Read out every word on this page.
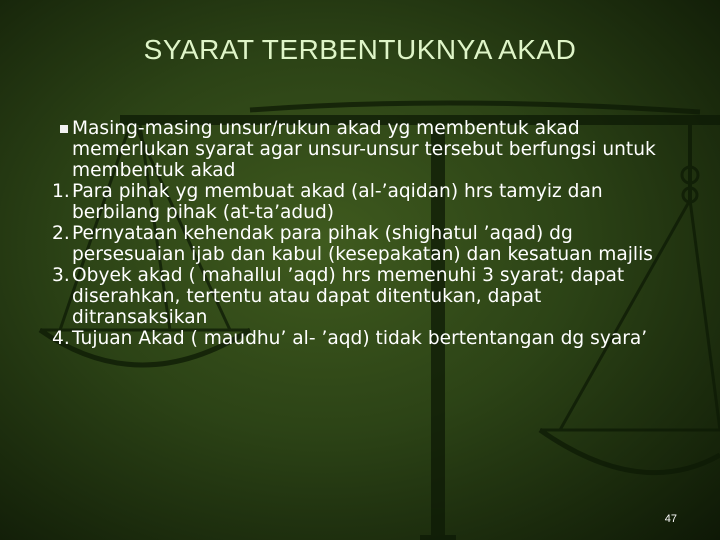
SYARAT TERBENTUKNYA AKAD
Masing-masing unsur/rukun akad yg membentuk akad memerlukan syarat agar unsur-unsur tersebut berfungsi untuk membentuk akad
1. Para pihak yg membuat akad (al-’aqidan) hrs tamyiz dan berbilang pihak (at-ta’adud)
2. Pernyataan kehendak para pihak (shighatul ’aqad) dg persesuaian ijab dan kabul (kesepakatan) dan kesatuan majlis
3. Obyek akad ( mahallul ’aqd) hrs memenuhi 3 syarat; dapat diserahkan, tertentu atau dapat ditentukan, dapat ditransaksikan
4. Tujuan Akad ( maudhu’ al- ’aqd) tidak bertentangan dg syara’
47
